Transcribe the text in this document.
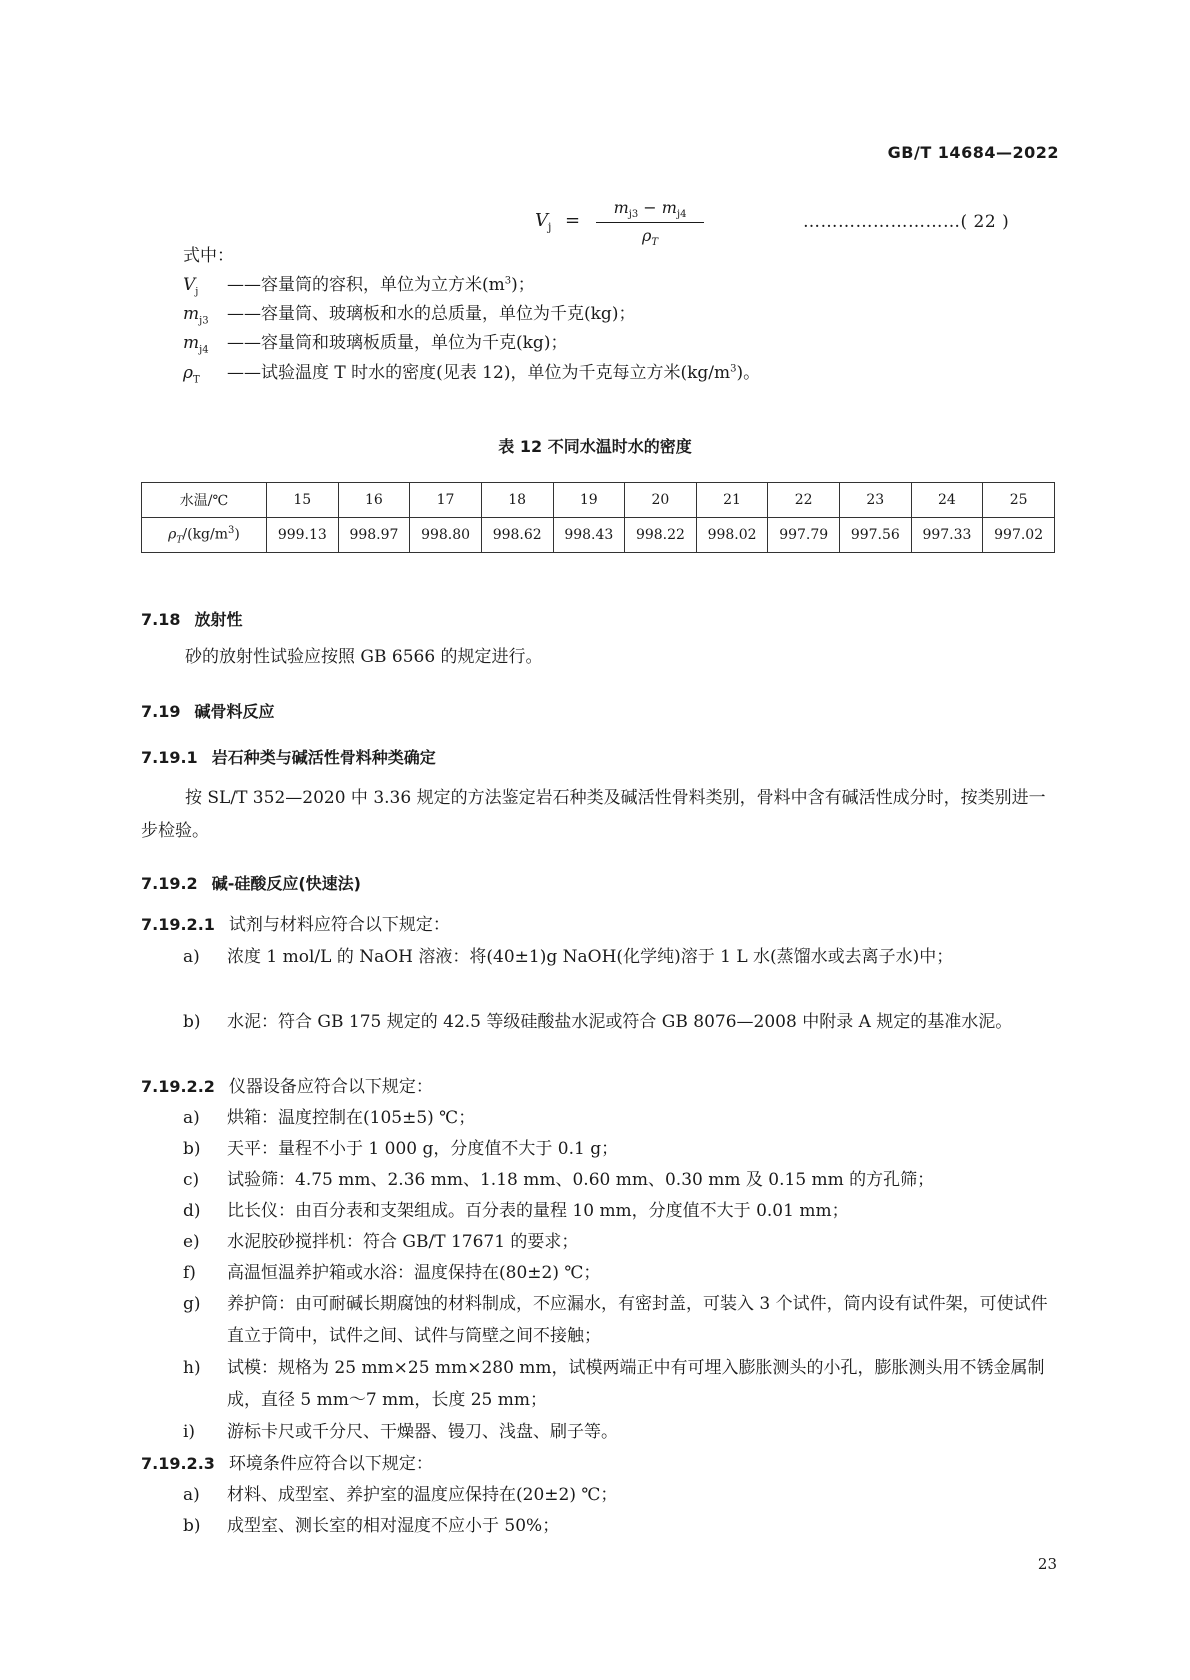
GB/T 14684—2022
$V_j$ =
$m_{j3} - m_{j4}$
$\rho_T$
………………………( 22 )
式中：
$V_j$ ——容量筒的容积，单位为立方米$(m^3)$；
$m_{j3}$ ——容量筒、玻璃板和水的总质量，单位为千克(kg)；
$m_{j4}$ ——容量筒和玻璃板质量，单位为千克(kg)；
$\rho_T$ ——试验温度 T 时水的密度(见表 12)，单位为千克每立方米$(kg/m^3)$。
表 12 不同水温时水的密度
水温/℃	15	16	17	18	19	20	21	22	23	24	25
$\rho_T/(kg/m^3)$	999.13	998.97	998.80	998.62	998.43	998.22	998.02	997.79	997.56	997.33	997.02
7.18 放射性
砂的放射性试验应按照 GB 6566 的规定进行。
7.19 碱骨料反应
7.19.1 岩石种类与碱活性骨料种类确定
按 SL/T 352—2020 中 3.36 规定的方法鉴定岩石种类及碱活性骨料类别，骨料中含有碱活性成分时，按类别进一步检验。
7.19.2 碱-硅酸反应(快速法)
7.19.2.1 试剂与材料应符合以下规定：
a)	浓度 1 mol/L 的 NaOH 溶液：将(40±1)g NaOH(化学纯)溶于 1 L 水(蒸馏水或去离子水)中；
b)	水泥：符合 GB 175 规定的 42.5 等级硅酸盐水泥或符合 GB 8076—2008 中附录 A 规定的基准水泥。
7.19.2.2 仪器设备应符合以下规定：
a)	烘箱：温度控制在(105±5) ℃；
b)	天平：量程不小于 1 000 g，分度值不大于 0.1 g；
c)	试验筛：4.75 mm、2.36 mm、1.18 mm、0.60 mm、0.30 mm 及 0.15 mm 的方孔筛；
d)	比长仪：由百分表和支架组成。百分表的量程 10 mm，分度值不大于 0.01 mm；
e)	水泥胶砂搅拌机：符合 GB/T 17671 的要求；
f)	高温恒温养护箱或水浴：温度保持在(80±2) ℃；
g)	养护筒：由可耐碱长期腐蚀的材料制成，不应漏水，有密封盖，可装入 3 个试件，筒内设有试件架，可使试件直立于筒中，试件之间、试件与筒壁之间不接触；
h)	试模：规格为 25 mm×25 mm×280 mm，试模两端正中有可埋入膨胀测头的小孔，膨胀测头用不锈金属制成，直径 5 mm～7 mm，长度 25 mm；
i)	游标卡尺或千分尺、干燥器、镘刀、浅盘、刷子等。
7.19.2.3 环境条件应符合以下规定：
a)	材料、成型室、养护室的温度应保持在(20±2) ℃；
b)	成型室、测长室的相对湿度不应小于 50%；
23
